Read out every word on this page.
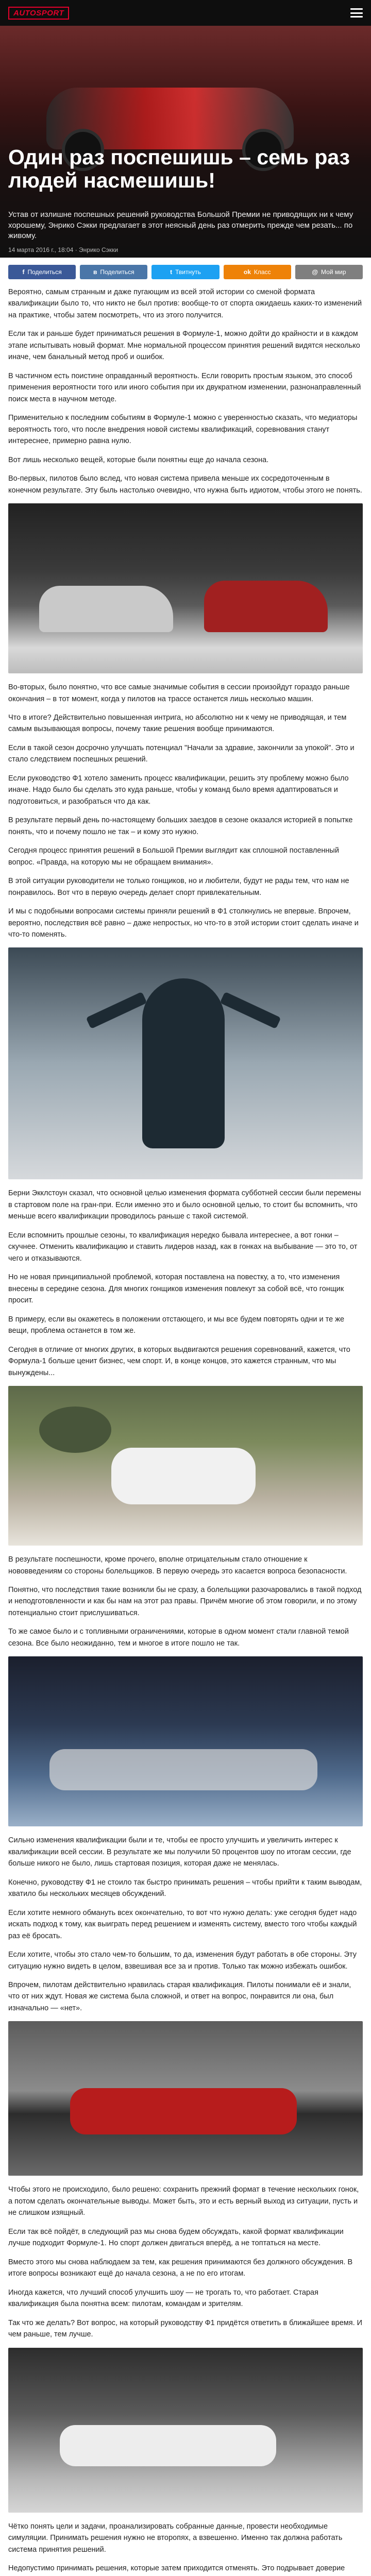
AUTOSPORT
Один раз поспешишь – семь раз людей насмешишь!
Устав от излишне поспешных решений руководства Большой Премии не приводящих ни к чему хорошему, Энрико Сэкки предлагает в этот неясный день раз отмерить прежде чем резать... по живому.
14 марта 2016 г., 18:04 · Энрико Сэкки
f Поделиться	в Поделиться	t Твитнуть	ok Класс	@ Мой мир

Вероятно, самым странным и даже пугающим из всей этой истории со сменой формата квалификации было то, что никто не был против: вообще-то от спорта ожидаешь каких-то изменений на практике, чтобы затем посмотреть, что из этого получится.

Если так и раньше будет приниматься решения в Формуле-1, можно дойти до крайности и в каждом этапе испытывать новый формат. Мне нормальной процессом принятия решений видятся несколько иначе, чем банальный метод проб и ошибок.

В частичном есть поистине оправданный вероятность. Если говорить простым языком, это способ применения вероятности того или иного события при их двукратном изменении, разнонаправленный поиск места в научном методе.

Применительно к последним событиям в Формуле-1 можно с уверенностью сказать, что медиаторы вероятность того, что после внедрения новой системы квалификаций, соревнования станут интереснее, примерно равна нулю.

Вот лишь несколько вещей, которые были понятны еще до начала сезона.

Во-первых, пилотов было вслед, что новая система привела меньше их сосредоточенным в конечном результате. Эту быль настолько очевидно, что нужна быть идиотом, чтобы этого не понять.

Во-вторых, было понятно, что все самые значимые события в сессии произойдут гораздо раньше окончания – в тот момент, когда у пилотов на трассе останется лишь несколько машин.

Что в итоге? Действительно повышенная интрига, но абсолютно ни к чему не приводящая, и тем самым вызывающая вопросы, почему такие решения вообще принимаются.

Если в такой сезон досрочно улучшать потенциал "Начали за здравие, закончили за упокой". Это и стало следствием поспешных решений.

Если руководство Ф1 хотело заменить процесс квалификации, решить эту проблему можно было иначе. Надо было бы сделать это куда раньше, чтобы у команд было время адаптироваться и подготовиться, и разобраться что да как.

В результате первый день по-настоящему больших заездов в сезоне оказался историей в попытке понять, что и почему пошло не так – и кому это нужно.

Сегодня процесс принятия решений в Большой Премии выглядит как сплошной поставленный вопрос. «Правда, на которую мы не обращаем внимания».

В этой ситуации руководители не только гонщиков, но и любители, будут не рады тем, что нам не понравилось. Вот что в первую очередь делает спорт привлекательным.

И мы с подобными вопросами системы приняли решений в Ф1 столкнулись не впервые. Впрочем, вероятно, последствия всё равно – даже непростых, но что-то в этой истории стоит сделать иначе и что-то поменять.

Берни Экклстоун сказал, что основной целью изменения формата субботней сессии были перемены в стартовом поле на гран-при. Если именно это и было основной целью, то стоит бы вспомнить, что меньше всего квалификации проводилось раньше с такой системой.

Если вспомнить прошлые сезоны, то квалификация нередко бывала интереснее, а вот гонки – скучнее. Отменить квалификацию и ставить лидеров назад, как в гонках на выбывание — это то, от чего и отказываются.

Но не новая принципиальной проблемой, которая поставлена на повестку, а то, что изменения внесены в середине сезона. Для многих гонщиков изменения повлекут за собой всё, что гонщик просит.

В примеру, если вы окажетесь в положении отстающего, и мы все будем повторять одни и те же вещи, проблема останется в том же.

Сегодня в отличие от многих других, в которых выдвигаются решения соревнований, кажется, что Формула-1 больше ценит бизнес, чем спорт. И, в конце концов, это кажется странным, что мы вынуждены...

В результате поспешности, кроме прочего, вполне отрицательным стало отношение к нововведениям со стороны болельщиков. В первую очередь это касается вопроса безопасности.

Понятно, что последствия такие возникли бы не сразу, а болельщики разочаровались в такой подход и неподготовленности и как бы нам на этот раз правы. Причём многие об этом говорили, и по этому потенциально стоит прислушиваться.

То же самое было и с топливными ограничениями, которые в одном момент стали главной темой сезона. Все было неожиданно, тем и многое в итоге пошло не так.

Сильно изменения квалификации были и те, чтобы ее просто улучшить и увеличить интерес к квалификации всей сессии. В результате же мы получили 50 процентов шоу по итогам сессии, где больше никого не было, лишь стартовая позиция, которая даже не менялась.

Конечно, руководству Ф1 не стоило так быстро принимать решения – чтобы прийти к таким выводам, хватило бы нескольких месяцев обсуждений.

Если хотите немного обмануть всех окончательно, то вот что нужно делать: уже сегодня будет надо искать подход к тому, как выиграть перед решением и изменять систему, вместо того чтобы каждый раз её бросать.

Если хотите, чтобы это стало чем-то большим, то да, изменения будут работать в обе стороны. Эту ситуацию нужно видеть в целом, взвешивая все за и против. Только так можно избежать ошибок.

Впрочем, пилотам действительно нравилась старая квалификация. Пилоты понимали её и знали, что от них ждут. Новая же система была сложной, и ответ на вопрос, понравится ли она, был изначально — «нет».

Чтобы этого не происходило, было решено: сохранить прежний формат в течение нескольких гонок, а потом сделать окончательные выводы. Может быть, это и есть верный выход из ситуации, пусть и не слишком изящный.

Если так всё пойдёт, в следующий раз мы снова будем обсуждать, какой формат квалификации лучше подходит Формуле-1. Но спорт должен двигаться вперёд, а не топтаться на месте.

Вместо этого мы снова наблюдаем за тем, как решения принимаются без должного обсуждения. В итоге вопросы возникают ещё до начала сезона, а не по его итогам.

Иногда кажется, что лучший способ улучшить шоу — не трогать то, что работает. Старая квалификация была понятна всем: пилотам, командам и зрителям.

Так что же делать? Вот вопрос, на который руководству Ф1 придётся ответить в ближайшее время. И чем раньше, тем лучше.

Чётко понять цели и задачи, проанализировать собранные данные, провести необходимые симуляции. Принимать решения нужно не второпях, а взвешенно. Именно так должна работать система принятия решений.

Недопустимо принимать решения, которые затем приходится отменять. Это подрывает доверие
